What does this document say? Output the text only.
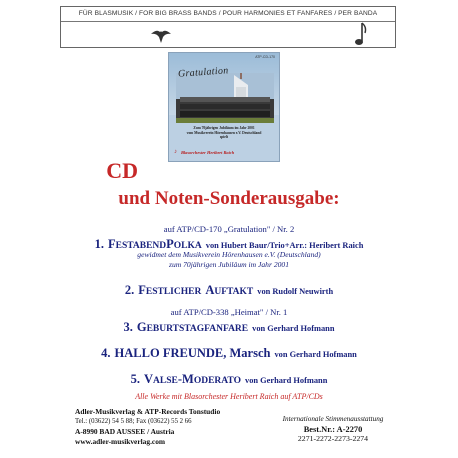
FÜR BLASMUSIK / FOR BIG BRASS BANDS / POUR HARMONIES ET FANFARES / PER BANDA
ATP-CD-170
Gratulation
Zum 70jährigen Jubiläum im Jahr 2001
vom Musikverein Hörenhausen e.V. Deutschland
spielt
♪ Blasorchester Heribert Raich
CD
und Noten-Sonderausgabe:
auf ATP/CD-170 „Gratulation" / Nr. 2
1. FESTABENDPOLKA von Hubert Baur/Trio+Arr.: Heribert Raich
gewidmet dem Musikverein Hörenhausen e.V. (Deutschland)
zum 70jährigen Jubiläum im Jahr 2001
2. FESTLICHER AUFTAKT von Rudolf Neuwirth
auf ATP/CD-338 „Heimat" / Nr. 1
3. GEBURTSTAGFANFARE von Gerhard Hofmann
4. HALLO FREUNDE, Marsch von Gerhard Hofmann
5. VALSE-MODERATO von Gerhard Hofmann
Alle Werke mit Blasorchester Heribert Raich auf ATP/CDs
Adler-Musikverlag & ATP-Records Tonstudio
Tel.: (03622) 54 5 88; Fax (03622) 55 2 66
A-8990 BAD AUSSEE / Austria
www.adler-musikverlag.com
Internationale Stimmenausstattung
Best.Nr.: A-2270
2271-2272-2273-2274
